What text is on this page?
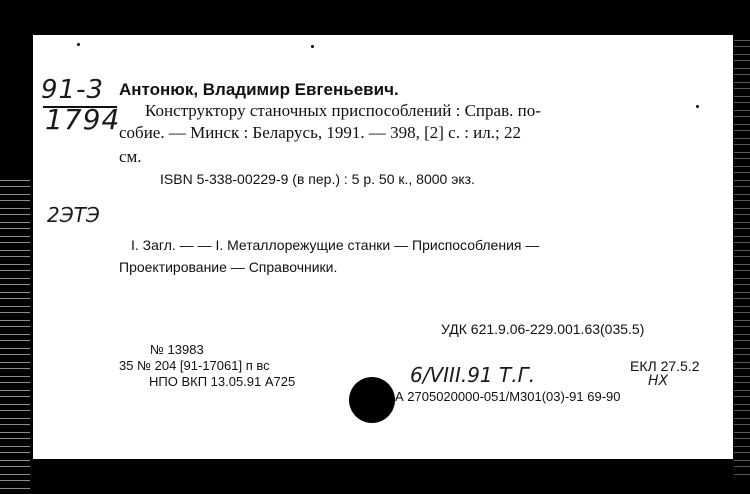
91-3
1794
Антонюк, Владимир Евгеньевич.
Конструктору станочных приспособлений : Справ. по-
собие. — Минск : Беларусь, 1991. — 398, [2] с. : ил.; 22
см.
ISBN 5-338-00229-9 (в пер.) : 5 р. 50 к., 8000 экз.
2ЭТЭ
I. Загл. — — I. Металлорежущие станки — Приспособления —
Проектирование — Справочники.
УДК 621.9.06-229.001.63(035.5)
№ 13983
35 № 204 [91-17061] п вс
НПО ВКП 13.05.91 А725
ЕКЛ 27.5.2
6/VIII.91 Т.Г.	НХ
А 2705020000-051/М301(03)-91 69-90
